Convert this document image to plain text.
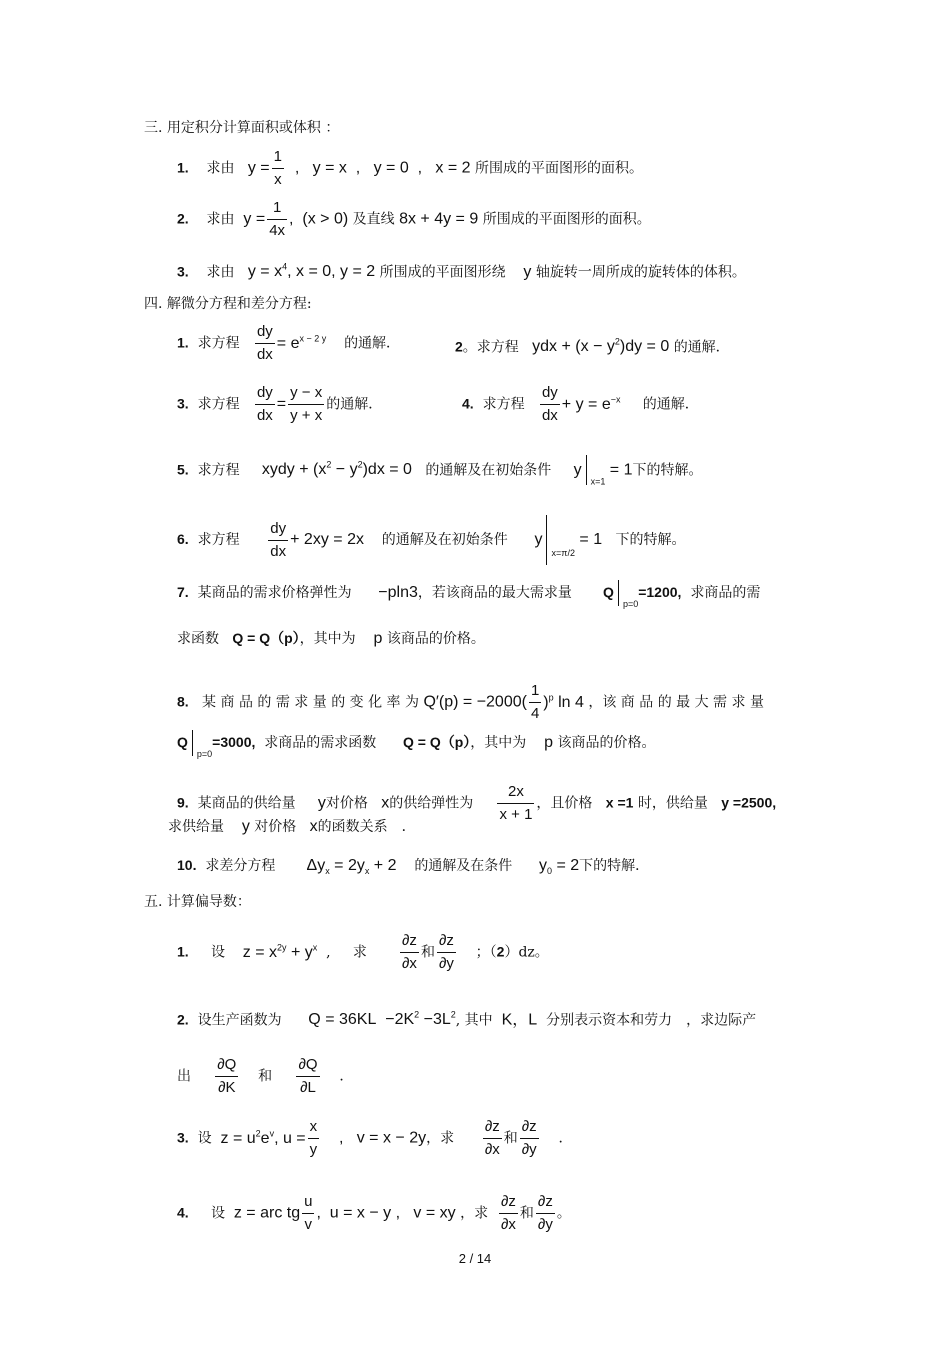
三. 用定积分计算面积或体积 ：
1. 求由 $y = \frac{1}{x}$ ,   y = x  ,   y = 0  ,   x = 2 所围成的平面图形的面积。
2. 求由 $y = \frac{1}{4x}$ ,  (x > 0) 及直线 8x + 4y = 9 所围成的平面图形的面积。
3. 求由 $y = x^4$, x = 0, y = 2 所围成的平面图形绕 y 轴旋转一周所成的旋转体的体积。
四. 解微分方程和差分方程:
1. 求方程 $\frac{dy}{dx} = e^{x - 2 y}$ 的通解．	2。求方程 ydx + $(x - y^2)dy = 0$ 的通解．
3. 求方程 $\frac{dy}{dx} = \frac{y - x}{y + x}$ 的通解．	4. 求方程 $\frac{dy}{dx} + y = e^{-x}$ 的通解．
5. 求方程 xydy + $(x^2 - y^2)dx = 0$ 的通解及在初始条件 $y_{x=1} = 1$下的特解。
6. 求方程 $\frac{dy}{dx} + 2xy = 2x$ 的通解及在初始条件 $y_{x=\pi/2} = 1$ 下的特解。
7. 某商品的需求价格弹性为 −pln3，若该商品的最大需求量 $Q_{p=0}=1200$, 求商品的需
求函数 Q = Q（p），其中为 p 该商品的价格。
8. 某 商 品 的 需 求 量 的 变 化 率 为 $Q'(p) = -2000( \frac{1}{4} )^p$ ln 4 ，该 商 品 的 最 大 需 求 量
$Q_{p=0}=3000$, 求商品的需求函数 Q = Q（p），其中为 p 该商品的价格。
9. 某商品的供给量 y对价格 x的供给弹性为 $\frac{2x}{x + 1}$ ，且价格 x =1 时，供给量 y =2500,
求供给量 y 对价格 x的函数关系　．
10. 求差分方程 $\Delta y_x = 2y_x + 2$ 的通解及在条件 $y_0 = 2$下的特解．
五. 计算偏导数：
1. 设 $z = x^{2y} + y^x$  ,     求 $\frac{\partial z}{\partial x}$ 和 $\frac{\partial z}{\partial y}$ ；（2）dz。
2. 设生产函数为 $Q = 36KL -2K^2 -3L^2$, 其中 K，L 分别表示资本和劳力　，求边际产
出 $\frac{\partial Q}{\partial K}$ 和 $\frac{\partial Q}{\partial L}$ ．
3. 设 $z = u^2e^v$, $u = \frac{x}{y}$ ,   v = x − 2y，求 $\frac{\partial z}{\partial x}$ 和 $\frac{\partial z}{\partial y}$ ．
4. 设 z = arc tg $\frac{u}{v}$ ,  u = x − y ,   v = xy ，求 $\frac{\partial z}{\partial x}$ 和 $\frac{\partial z}{\partial y}$ 。
2 / 14
